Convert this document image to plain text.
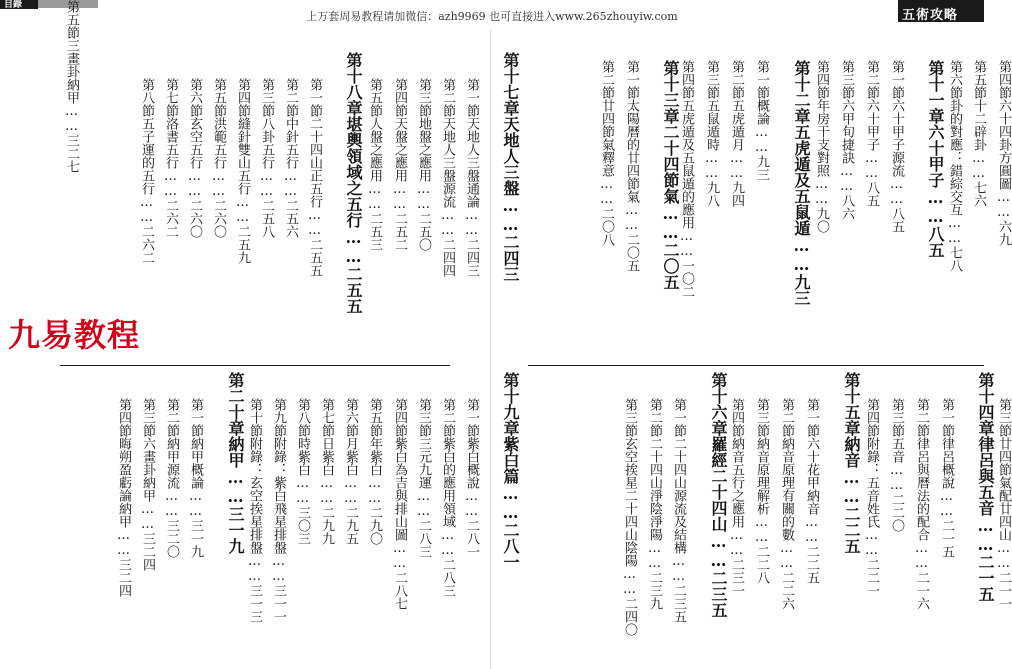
目錄
五術攻略
上万套周易教程请加微信：azh9969 也可直接进入www.265zhouyiw.com
第四節六十四卦方圓圖……六九
第五節十二辟卦……七六
第六節卦的對應：錯綜交互……七八
第十一章六十甲子……八五
第一節六十甲子源流……八五
第二節六十甲子……八五
第三節六甲旬捷訣……八六
第四節年房干支對照……九〇
第十二章五虎遁及五鼠遁……九三
第一節概論……九三
第二節五虎遁月……九四
第三節五鼠遁時……九八
第四節五虎遁及五鼠遁的應用……一〇二
第十三章二十四節氣……二〇五
第一節太陽曆的廿四節氣……二〇五
第二節廿四節氣釋意……二〇八
第三節廿四節氣配廿四山……二一一
第十四章律呂與五音……二一五
第一節律呂概說……二一五
第二節律呂與曆法的配合……二一六
第三節五音……二二〇
第四節附錄：五音姓氏……二二一
第十五章納音……二二五
第一節六十花甲納音……二二五
第二節納音原理有關的數……二二六
第三節納音原理解析……二二八
第四節納音五行之應用……二三一
第十六章羅經二十四山……二三五
第一節二十四山源流及結構……二三五
第二節二十四山淨陰淨陽……二三九
第三節玄空挨星二十四山陰陽……二四〇
第十七章天地人三盤……二四三
第一節天地人三盤通論……二四三
第二節天地人三盤源流……二四四
第三節地盤之應用……二五〇
第四節天盤之應用……二五二
第五節人盤之應用……二五三
第十八章堪輿領域之五行……二五五
第一節二十四山正五行……二五五
第二節中針五行……二五六
第三節八卦五行……二五八
第四節縫針雙山五行……二五九
第五節洪範五行……二六〇
第六節玄空五行……二六〇
第七節洛書五行……二六二
第八節五子運的五行……二六二
第十九章紫白篇……二八一
第一節紫白概說……二八一
第二節紫白的應用領域……二八三
第三節三元九運……二八三
第四節紫白為吉與排山圖……二八七
第五節年紫白……二九〇
第六節月紫白……二九五
第七節日紫白……二九九
第八節時紫白……三〇三
第九節附錄：紫白飛星排盤……三一一
第十節附錄：玄空挨星排盤……三一三
第二十章納甲……三一九
第一節納甲概論……三一九
第二節納甲源流……三二〇
第三節六畫卦納甲……三二四
第四節晦朔盈虧論納甲……三二四
第五節三畫卦納甲……三二七
九易教程
